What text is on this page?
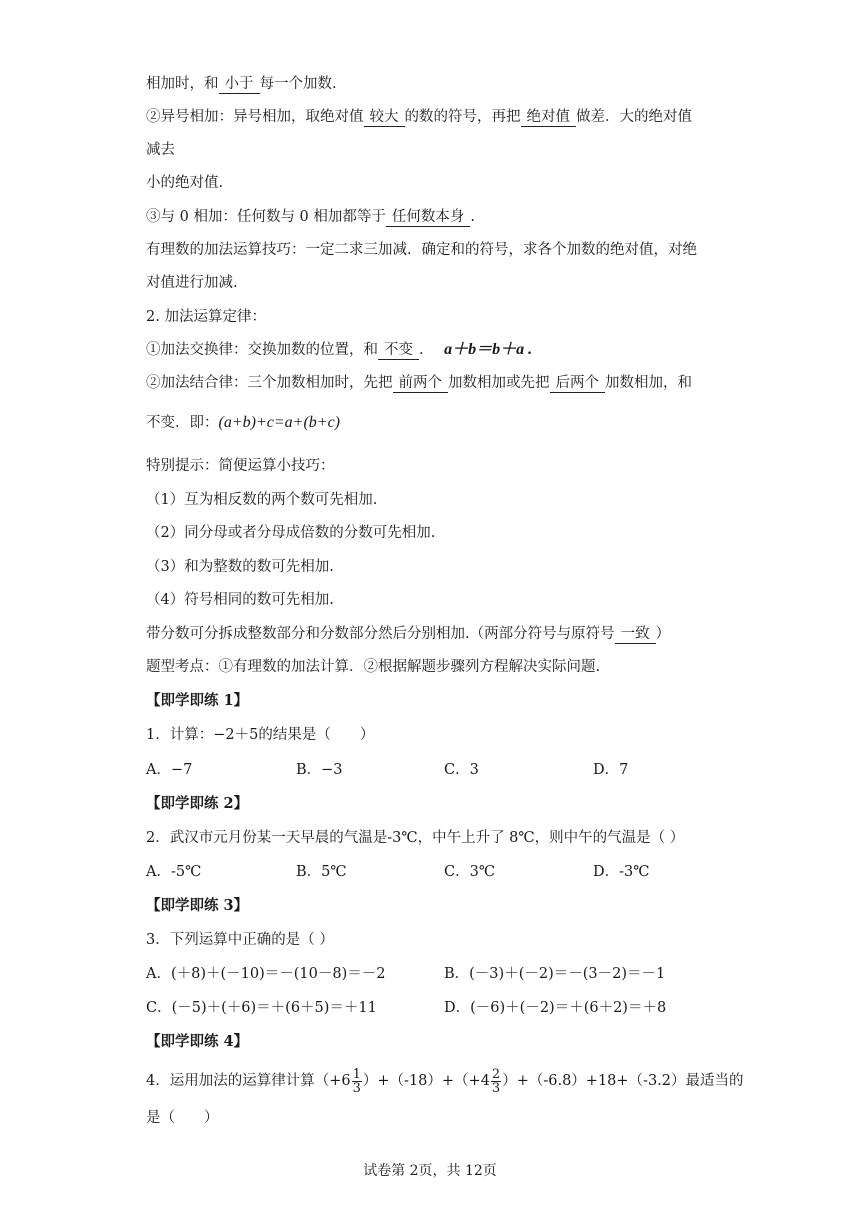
相加时，和 小于 每一个加数.
②异号相加：异号相加，取绝对值 较大 的数的符号，再把 绝对值 做差．大的绝对值
减去
小的绝对值.
③与 0 相加：任何数与 0 相加都等于 任何数本身 .
有理数的加法运算技巧：一定二求三加减．确定和的符号，求各个加数的绝对值，对绝
对值进行加减.
2. 加法运算定律：
①加法交换律：交换加数的位置，和 不变 ． a＋b＝b＋a .
②加法结合律：三个加数相加时，先把 前两个 加数相加或先把 后两个 加数相加，和
不变．即：(a+b)+c=a+(b+c)
特别提示：简便运算小技巧：
（1）互为相反数的两个数可先相加.
（2）同分母或者分母成倍数的分数可先相加.
（3）和为整数的数可先相加.
（4）符号相同的数可先相加.
带分数可分拆成整数部分和分数部分然后分别相加.（两部分符号与原符号 一致 ）
题型考点：①有理数的加法计算．②根据解题步骤列方程解决实际问题.
【即学即练 1】
1．计算：−2＋5的结果是（　　）
A．−7	B．−3	C．3	D．7
【即学即练 2】
2．武汉市元月份某一天早晨的气温是-3℃，中午上升了 8℃，则中午的气温是（ ）
A．-5℃	B．5℃	C．3℃	D．-3℃
【即学即练 3】
3．下列运算中正确的是（ ）
A．(＋8)＋(－10)＝－(10－8)＝－2	B．(－3)＋(－2)＝－(3－2)＝－1
C．(－5)＋(＋6)＝＋(6＋5)＝＋11	D．(－6)＋(－2)＝＋(6＋2)＝＋8
【即学即练 4】
4．运用加法的运算律计算$(+6 \frac{1}{3} )+(-18)+(+4 \frac{2}{3} )+(-6.8)+18+(-3.2)$最适当的
是（　　）
试卷第 2页，共 12页
